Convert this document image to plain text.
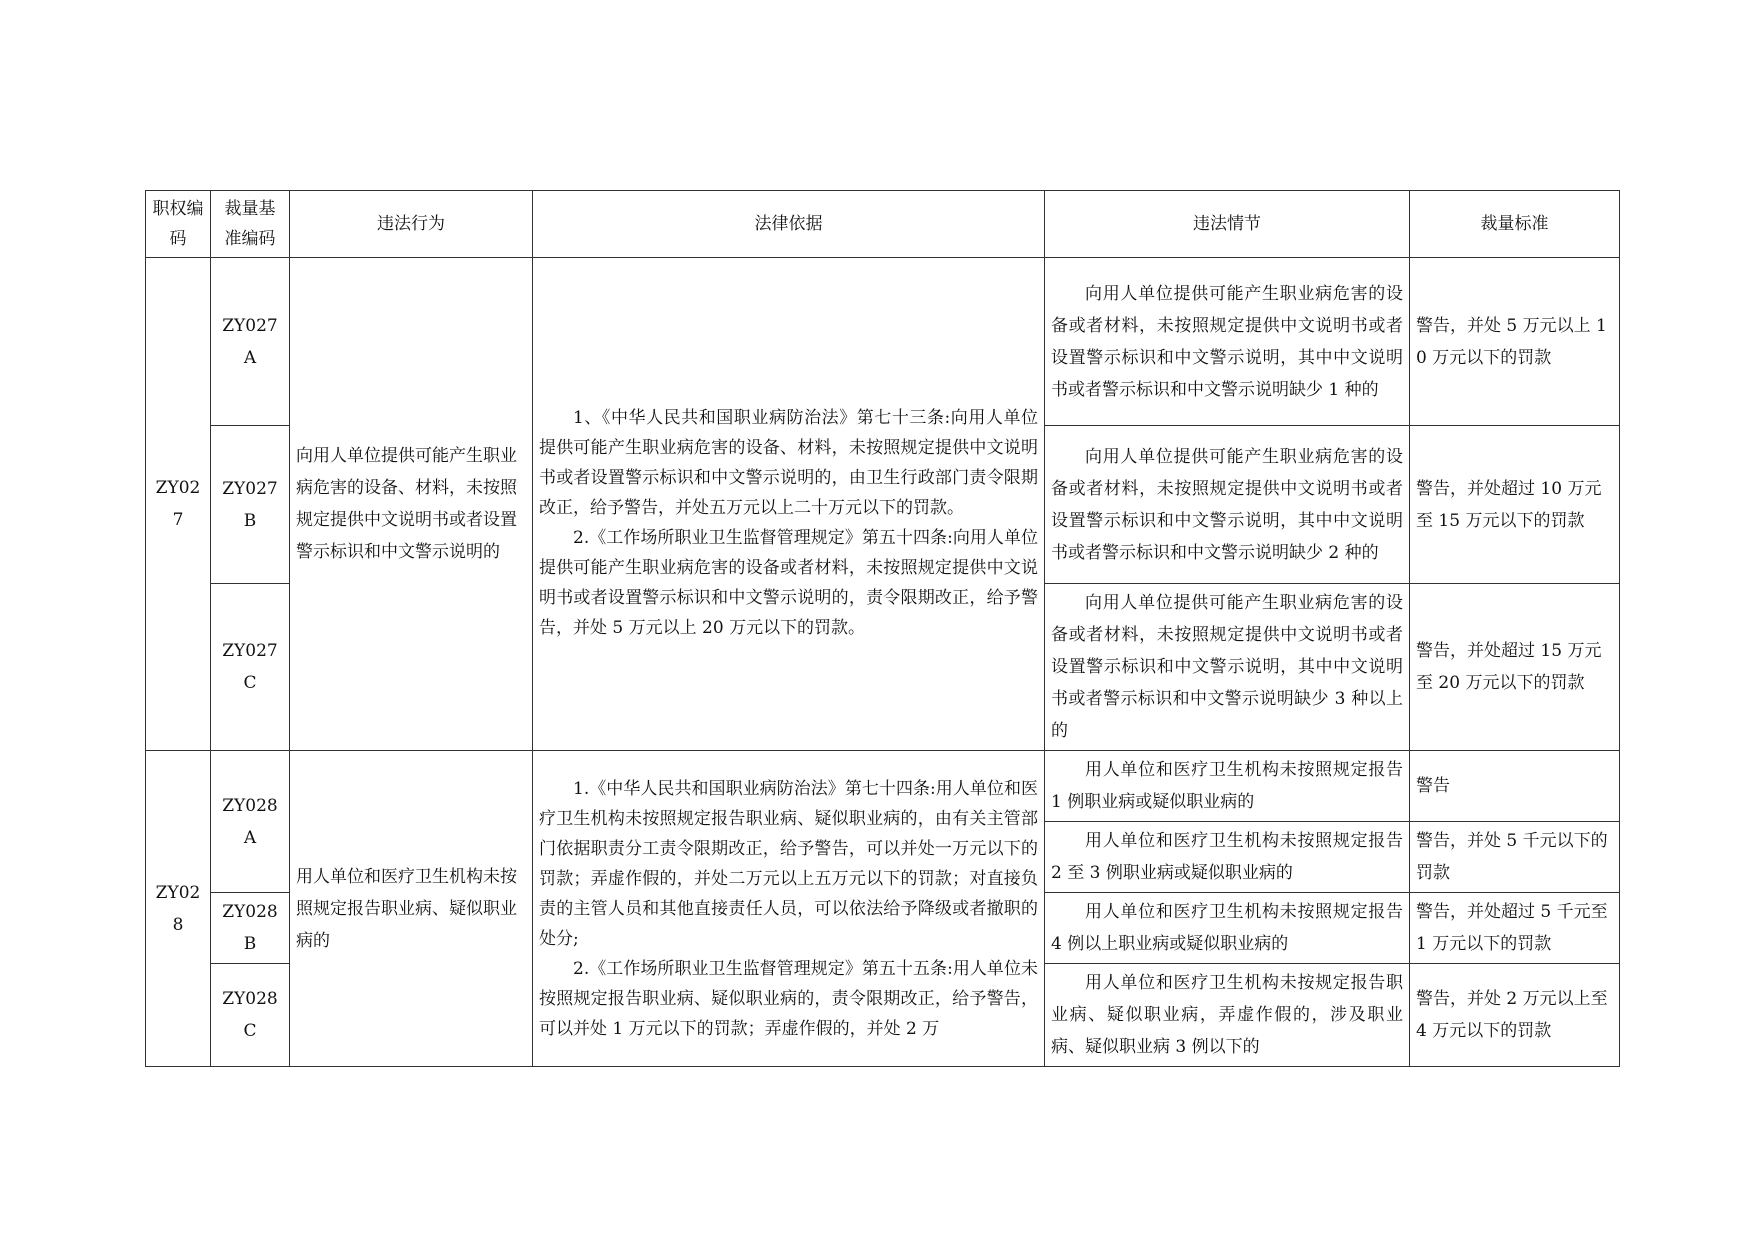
职权编码	裁量基准编码	违法行为	法律依据	违法情节	裁量标准
ZY027	ZY027A	向用人单位提供可能产生职业病危害的设备、材料，未按照规定提供中文说明书或者设置警示标识和中文警示说明的	1、《中华人民共和国职业病防治法》第七十三条:向用人单位提供可能产生职业病危害的设备、材料，未按照规定提供中文说明书或者设置警示标识和中文警示说明的，由卫生行政部门责令限期改正，给予警告，并处五万元以上二十万元以下的罚款。

2.《工作场所职业卫生监督管理规定》第五十四条:向用人单位提供可能产生职业病危害的设备或者材料，未按照规定提供中文说明书或者设置警示标识和中文警示说明的，责令限期改正，给予警告，并处 5 万元以上 20 万元以下的罚款。	向用人单位提供可能产生职业病危害的设备或者材料，未按照规定提供中文说明书或者设置警示标识和中文警示说明，其中中文说明书或者警示标识和中文警示说明缺少 1 种的	警告，并处 5 万元以上 10 万元以下的罚款
	ZY027B			向用人单位提供可能产生职业病危害的设备或者材料，未按照规定提供中文说明书或者设置警示标识和中文警示说明，其中中文说明书或者警示标识和中文警示说明缺少 2 种的	警告，并处超过 10 万元至 15 万元以下的罚款
	ZY027C			向用人单位提供可能产生职业病危害的设备或者材料，未按照规定提供中文说明书或者设置警示标识和中文警示说明，其中中文说明书或者警示标识和中文警示说明缺少 3 种以上的	警告，并处超过 15 万元至 20 万元以下的罚款
ZY028	ZY028A	用人单位和医疗卫生机构未按照规定报告职业病、疑似职业病的	1.《中华人民共和国职业病防治法》第七十四条:用人单位和医疗卫生机构未按照规定报告职业病、疑似职业病的，由有关主管部门依据职责分工责令限期改正，给予警告，可以并处一万元以下的罚款；弄虚作假的，并处二万元以上五万元以下的罚款；对直接负责的主管人员和其他直接责任人员，可以依法给予降级或者撤职的处分;

2.《工作场所职业卫生监督管理规定》第五十五条:用人单位未按照规定报告职业病、疑似职业病的，责令限期改正，给予警告，可以并处 1 万元以下的罚款；弄虚作假的，并处 2 万	用人单位和医疗卫生机构未按照规定报告 1 例职业病或疑似职业病的	警告
				用人单位和医疗卫生机构未按照规定报告 2 至 3 例职业病或疑似职业病的	警告，并处 5 千元以下的罚款
	ZY028B			用人单位和医疗卫生机构未按照规定报告 4 例以上职业病或疑似职业病的	警告，并处超过 5 千元至 1 万元以下的罚款
	ZY028C			用人单位和医疗卫生机构未按规定报告职业病、疑似职业病，弄虚作假的，涉及职业病、疑似职业病 3 例以下的	警告，并处 2 万元以上至 4 万元以下的罚款
